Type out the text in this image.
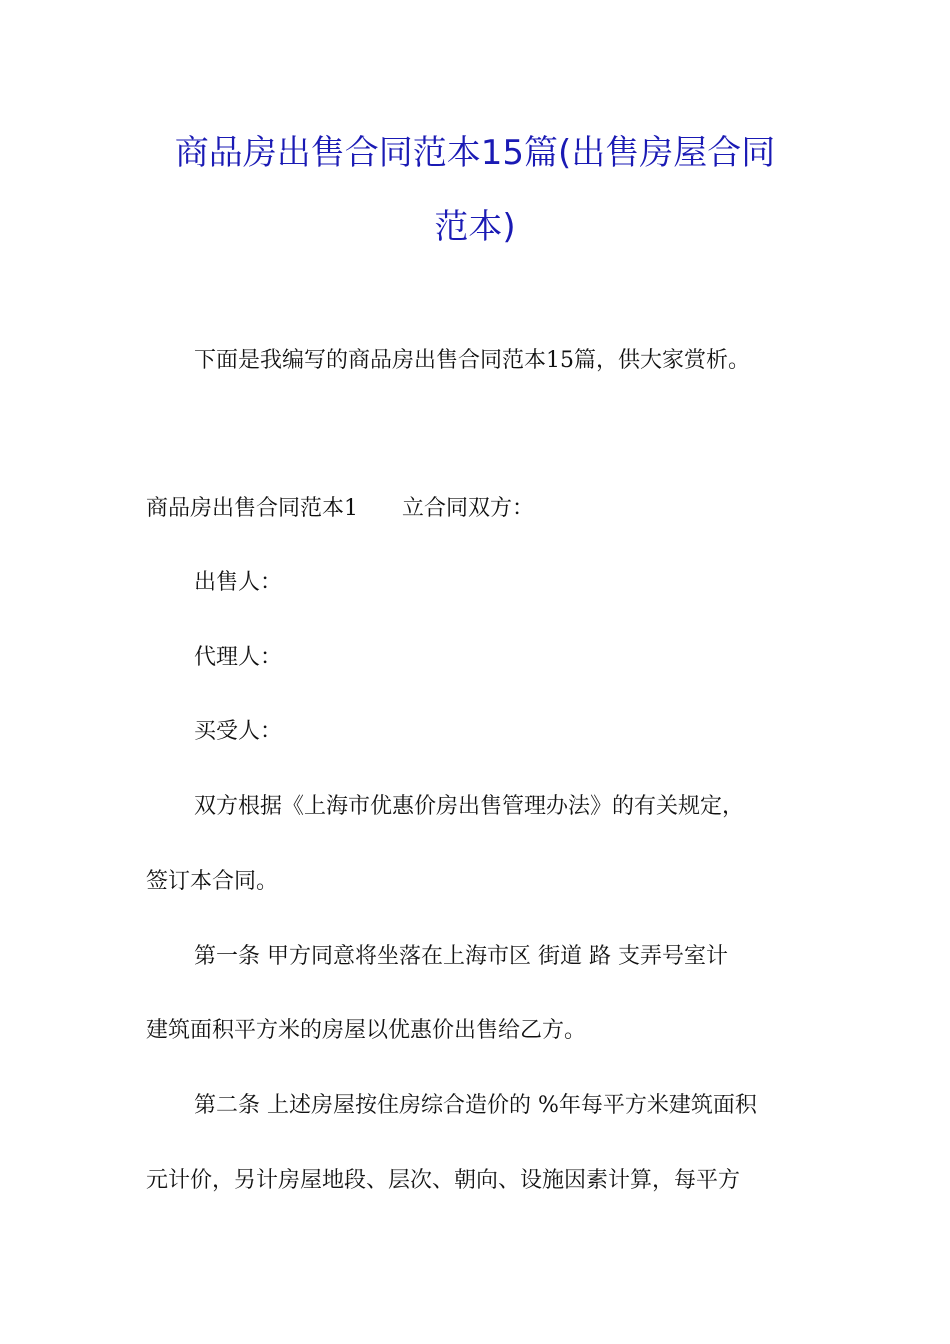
商品房出售合同范本15篇(出售房屋合同
范本)
下面是我编写的商品房出售合同范本15篇，供大家赏析。
商品房出售合同范本1　　立合同双方：
出售人：
代理人：
买受人：
双方根据《上海市优惠价房出售管理办法》的有关规定，
签订本合同。
第一条 甲方同意将坐落在上海市区 街道 路 支弄号室计
建筑面积平方米的房屋以优惠价出售给乙方。
第二条 上述房屋按住房综合造价的 %年每平方米建筑面积
元计价，另计房屋地段、层次、朝向、设施因素计算，每平方
